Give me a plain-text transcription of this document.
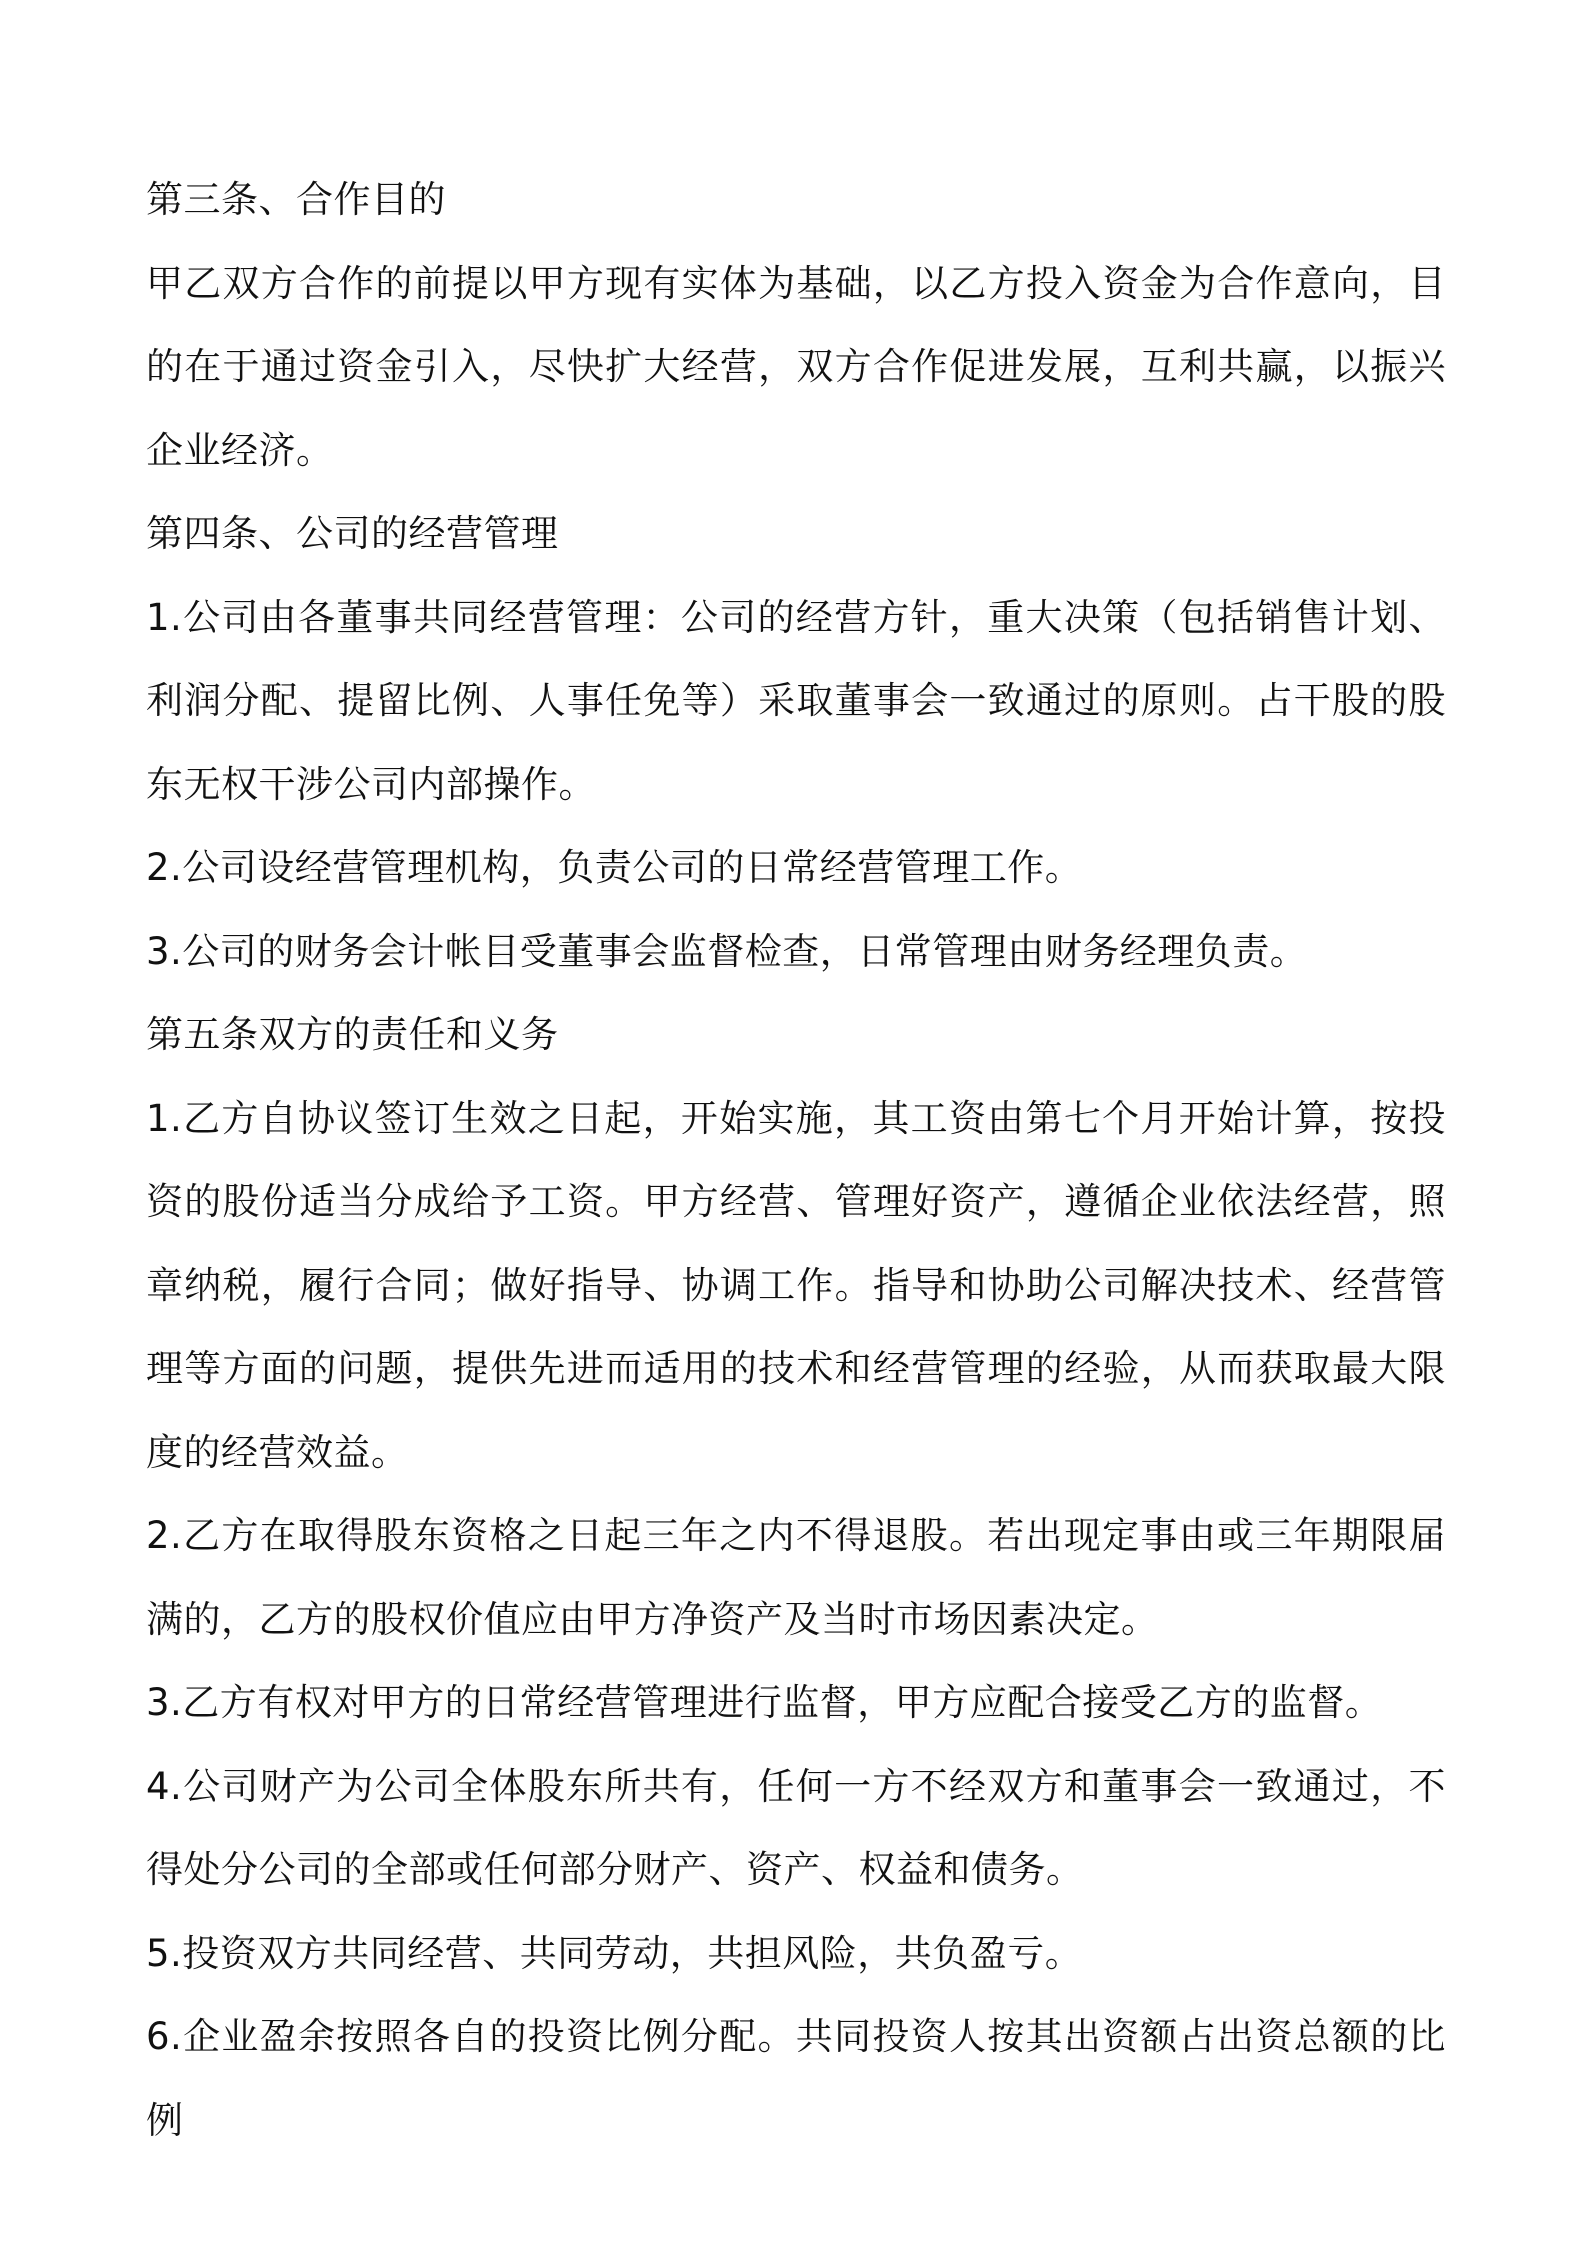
第三条、合作目的

甲乙双方合作的前提以甲方现有实体为基础，以乙方投入资金为合作意向，目的在于通过资金引入，尽快扩大经营，双方合作促进发展，互利共赢，以振兴企业经济。

第四条、公司的经营管理

1.公司由各董事共同经营管理：公司的经营方针，重大决策（包括销售计划、利润分配、提留比例、人事任免等）采取董事会一致通过的原则。占干股的股东无权干涉公司内部操作。

2.公司设经营管理机构，负责公司的日常经营管理工作。

3.公司的财务会计帐目受董事会监督检查，日常管理由财务经理负责。

第五条双方的责任和义务

1.乙方自协议签订生效之日起，开始实施，其工资由第七个月开始计算，按投资的股份适当分成给予工资。甲方经营、管理好资产，遵循企业依法经营，照章纳税，履行合同；做好指导、协调工作。指导和协助公司解决技术、经营管理等方面的问题，提供先进而适用的技术和经营管理的经验，从而获取最大限度的经营效益。

2.乙方在取得股东资格之日起三年之内不得退股。若出现定事由或三年期限届满的，乙方的股权价值应由甲方净资产及当时市场因素决定。

3.乙方有权对甲方的日常经营管理进行监督，甲方应配合接受乙方的监督。

4.公司财产为公司全体股东所共有，任何一方不经双方和董事会一致通过，不得处分公司的全部或任何部分财产、资产、权益和债务。

5.投资双方共同经营、共同劳动，共担风险，共负盈亏。

6.企业盈余按照各自的投资比例分配。共同投资人按其出资额占出资总额的比例
